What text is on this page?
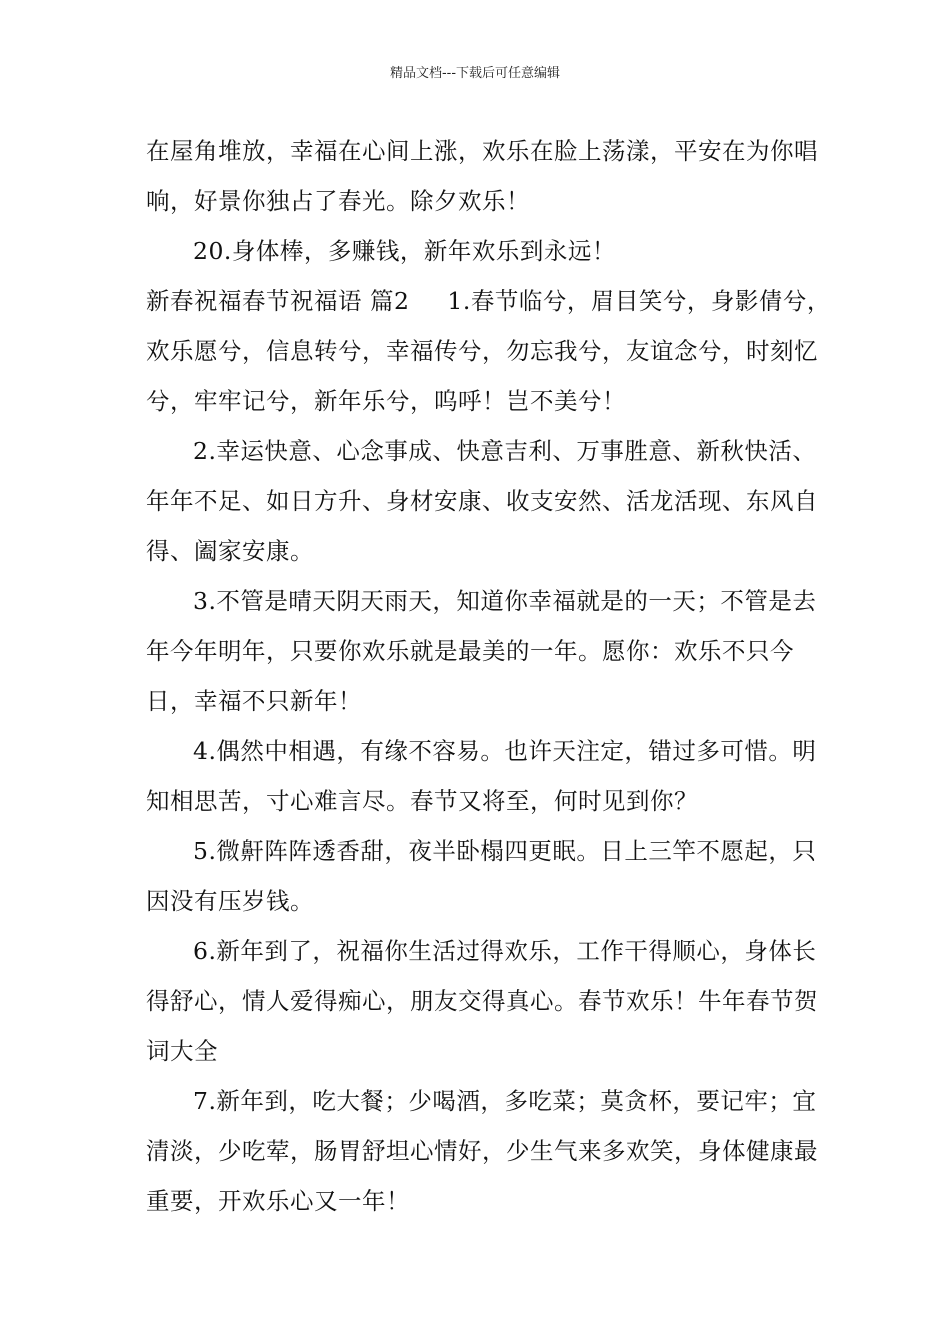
精品文档---下载后可任意编辑

在屋角堆放，幸福在心间上涨，欢乐在脸上荡漾，平安在为你唱响，好景你独占了春光。除夕欢乐！

20.身体棒，多赚钱，新年欢乐到永远！

新春祝福春节祝福语 篇2 1.春节临兮，眉目笑兮，身影倩兮，欢乐愿兮，信息转兮，幸福传兮，勿忘我兮，友谊念兮，时刻忆兮，牢牢记兮，新年乐兮，呜呼！岂不美兮！

2.幸运快意、心念事成、快意吉利、万事胜意、新秋快活、年年不足、如日方升、身材安康、收支安然、活龙活现、东风自得、阖家安康。

3.不管是晴天阴天雨天，知道你幸福就是的一天；不管是去年今年明年，只要你欢乐就是最美的一年。愿你：欢乐不只今日，幸福不只新年！

4.偶然中相遇，有缘不容易。也许天注定，错过多可惜。明知相思苦，寸心难言尽。春节又将至，何时见到你？

5.微鼾阵阵透香甜，夜半卧榻四更眠。日上三竿不愿起，只因没有压岁钱。

6.新年到了，祝福你生活过得欢乐，工作干得顺心，身体长得舒心，情人爱得痴心，朋友交得真心。春节欢乐！牛年春节贺词大全

7.新年到，吃大餐；少喝酒，多吃菜；莫贪杯，要记牢；宜清淡，少吃荤，肠胃舒坦心情好，少生气来多欢笑，身体健康最重要，开欢乐心又一年！
